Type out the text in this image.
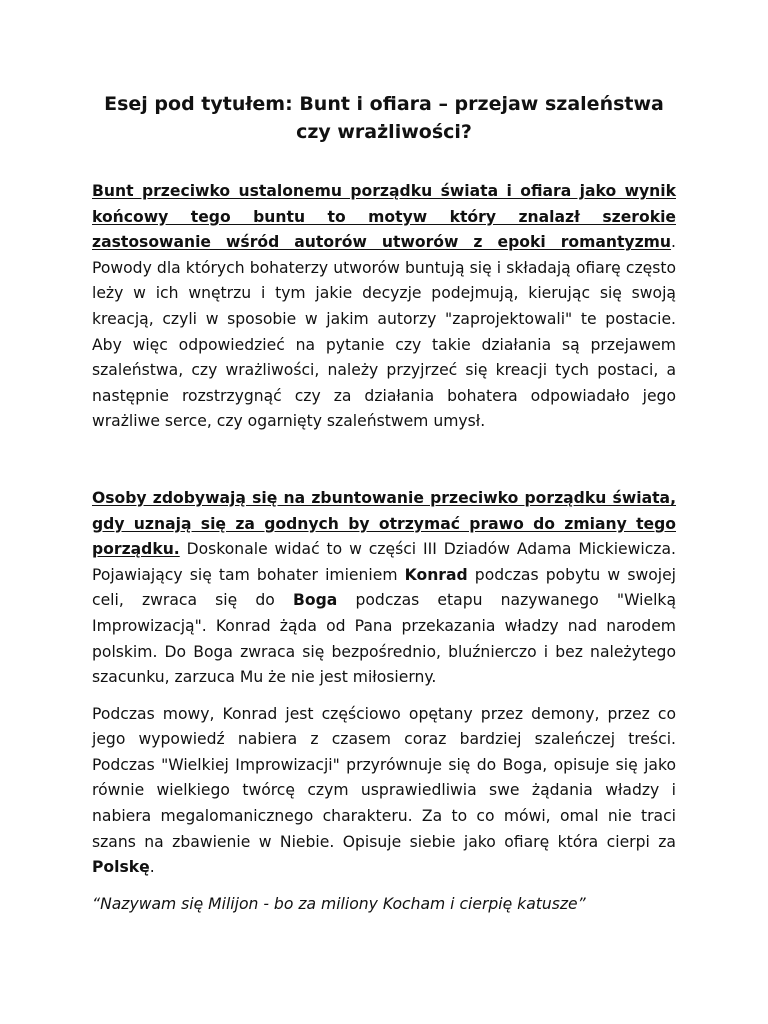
Esej pod tytułem: Bunt i ofiara – przejaw szaleństwa
czy wrażliwości?

Bunt przeciwko ustalonemu porządku świata i ofiara jako wynik końcowy tego buntu to motyw który znalazł szerokie zastosowanie wśród autorów utworów z epoki romantyzmu. Powody dla których bohaterzy utworów buntują się i składają ofiarę często leży w ich wnętrzu i tym jakie decyzje podejmują, kierując się swoją kreacją, czyli w sposobie w jakim autorzy "zaprojektowali" te postacie. Aby więc odpowiedzieć na pytanie czy takie działania są przejawem szaleństwa, czy wrażliwości, należy przyjrzeć się kreacji tych postaci, a następnie rozstrzygnąć czy za działania bohatera odpowiadało jego wrażliwe serce, czy ogarnięty szaleństwem umysł.

Osoby zdobywają się na zbuntowanie przeciwko porządku świata, gdy uznają się za godnych by otrzymać prawo do zmiany tego porządku. Doskonale widać to w części III Dziadów Adama Mickiewicza. Pojawiający się tam bohater imieniem Konrad podczas pobytu w swojej celi, zwraca się do Boga podczas etapu nazywanego "Wielką Improwizacją". Konrad żąda od Pana przekazania władzy nad narodem polskim. Do Boga zwraca się bezpośrednio, bluźnierczo i bez należytego szacunku, zarzuca Mu że nie jest miłosierny.

Podczas mowy, Konrad jest częściowo opętany przez demony, przez co jego wypowiedź nabiera z czasem coraz bardziej szaleńczej treści. Podczas "Wielkiej Improwizacji" przyrównuje się do Boga, opisuje się jako równie wielkiego twórcę czym usprawiedliwia swe żądania władzy i nabiera megalomanicznego charakteru. Za to co mówi, omal nie traci szans na zbawienie w Niebie. Opisuje siebie jako ofiarę która cierpi za Polskę.

“Nazywam się Milijon - bo za miliony Kocham i cierpię katusze”
